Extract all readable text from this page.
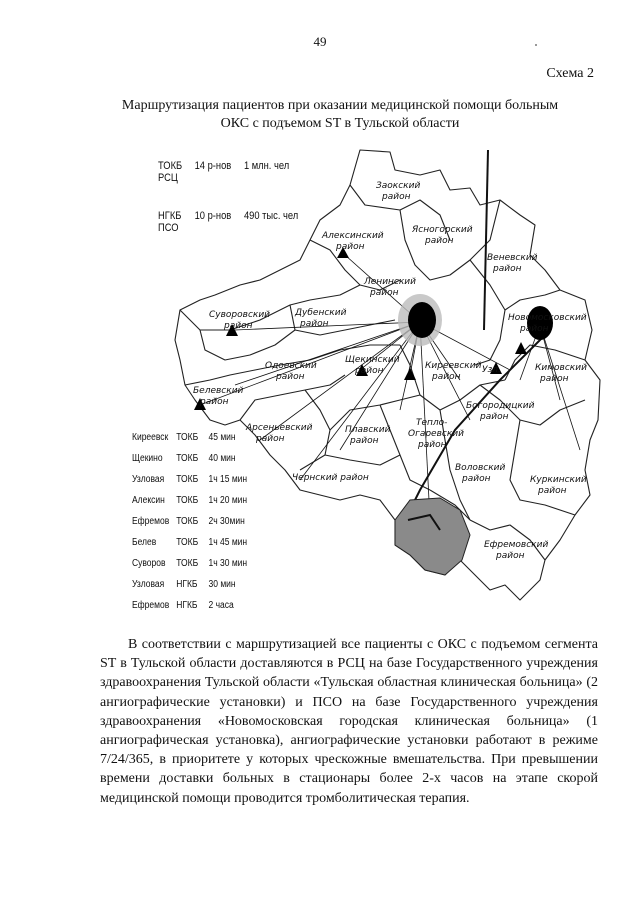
49
Схема 2
Маршрутизация пациентов при оказании медицинской помощи больным
ОКС с подъемом ST в Тульской области
Заокский
район
Алексинский
район
Ясногорский
район
Веневский
район
Ленинский
район
Суворовский
район
Дубенский
район
Новомосковский
район
Одоевский
район
Щекинский
район	Киреевский
район
Узл.	Кимовский
район
Белевский
район
Арсеньевский
район
Плавский
район
Тепло-
Огаревский
район
Богородицкий
район
Чернский район
Воловский
район	Куркинский
район
Ефремовский
район
ТОКБ 14 р-нов 1 млн. чел
РСЦ
НГКБ 10 р-нов 490 тыс. чел
ПСО
Киреевск ТОКБ 45 мин
Щекино ТОКБ 40 мин
Узловая ТОКБ 1ч 15 мин
Алексин ТОКБ 1ч 20 мин
Ефремов ТОКБ 2ч 30мин
Белев ТОКБ 1ч 45 мин
Суворов ТОКБ 1ч 30 мин
Узловая НГКБ 30 мин
Ефремов НГКБ 2 часа

В соответствии с маршрутизацией все пациенты с ОКС с подъемом сегмента ST в Тульской области доставляются в РСЦ на базе Государственного учреждения здравоохранения Тульской области «Тульская областная клиническая больница» (2 ангиографические установки) и ПСО на базе Государственного учреждения здравоохранения «Новомосковская городская клиническая больница» (1 ангиографическая установка), ангиографические установки работают в режиме 7/24/365, в приоритете у которых чрескожные вмешательства. При превышении времени доставки больных в стационары более 2-х часов на этапе скорой медицинской помощи проводится тромболитическая терапия.
